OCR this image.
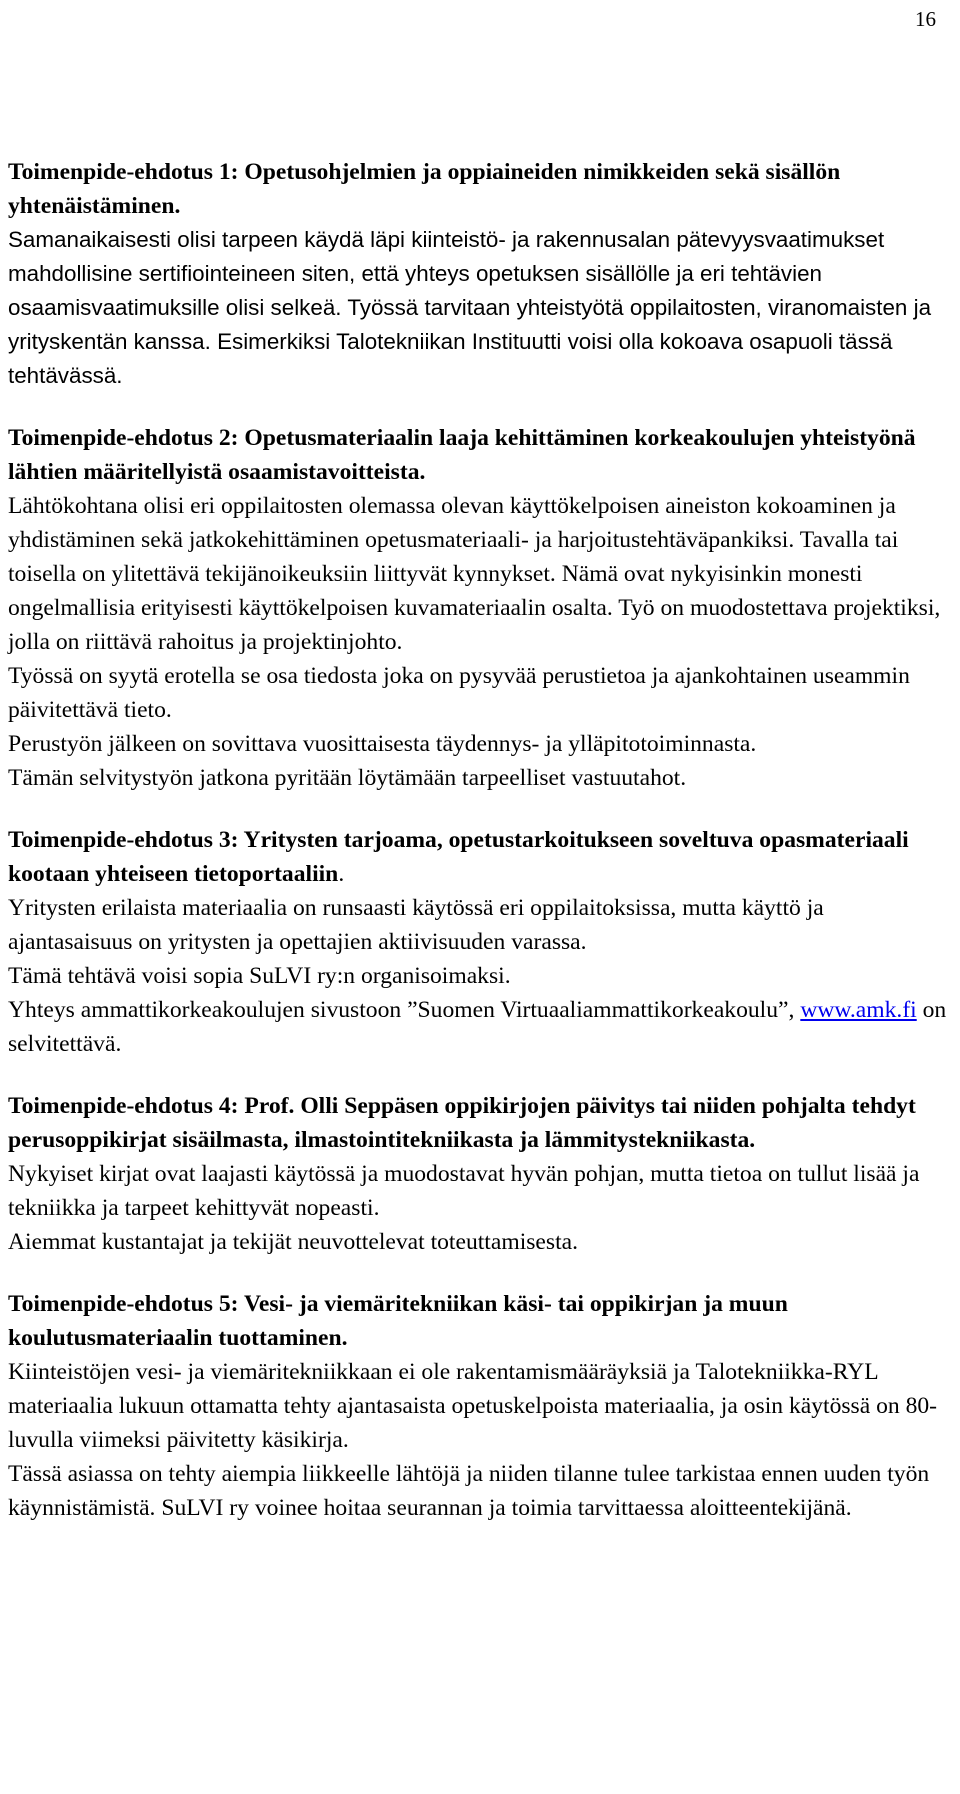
16
Toimenpide-ehdotus 1: Opetusohjelmien ja oppiaineiden nimikkeiden sekä sisällön yhtenäistäminen.

Samanaikaisesti olisi tarpeen käydä läpi kiinteistö- ja rakennusalan pätevyysvaatimukset mahdollisine sertifiointeineen siten, että yhteys opetuksen sisällölle ja eri tehtävien osaamisvaatimuksille olisi selkeä. Työssä tarvitaan yhteistyötä oppilaitosten, viranomaisten ja yrityskentän kanssa. Esimerkiksi Talotekniikan Instituutti voisi olla kokoava osapuoli tässä tehtävässä.

Toimenpide-ehdotus 2: Opetusmateriaalin laaja kehittäminen korkeakoulujen yhteistyönä lähtien määritellyistä osaamistavoitteista.

Lähtökohtana olisi eri oppilaitosten olemassa olevan käyttökelpoisen aineiston kokoaminen ja yhdistäminen sekä jatkokehittäminen opetusmateriaali- ja harjoitustehtäväpankiksi. Tavalla tai toisella on ylitettävä tekijänoikeuksiin liittyvät kynnykset. Nämä ovat nykyisinkin monesti ongelmallisia erityisesti käyttökelpoisen kuvamateriaalin osalta. Työ on muodostettava projektiksi, jolla on riittävä rahoitus ja projektinjohto.

Työssä on syytä erotella se osa tiedosta joka on pysyvää perustietoa ja ajankohtainen useammin päivitettävä tieto.

Perustyön jälkeen on sovittava vuosittaisesta täydennys- ja ylläpitotoiminnasta.

Tämän selvitystyön jatkona pyritään löytämään tarpeelliset vastuutahot.

Toimenpide-ehdotus 3: Yritysten tarjoama, opetustarkoitukseen soveltuva opasmateriaali kootaan yhteiseen tietoportaaliin.

Yritysten erilaista materiaalia on runsaasti käytössä eri oppilaitoksissa, mutta käyttö ja ajantasaisuus on yritysten ja opettajien aktiivisuuden varassa.

Tämä tehtävä voisi sopia SuLVI ry:n organisoimaksi.

Yhteys ammattikorkeakoulujen sivustoon ”Suomen Virtuaaliammattikorkeakoulu”, www.amk.fi on selvitettävä.

Toimenpide-ehdotus 4: Prof. Olli Seppäsen oppikirjojen päivitys tai niiden pohjalta tehdyt perusoppikirjat sisäilmasta, ilmastointitekniikasta ja lämmitystekniikasta.

Nykyiset kirjat ovat laajasti käytössä ja muodostavat hyvän pohjan, mutta tietoa on tullut lisää ja tekniikka ja tarpeet kehittyvät nopeasti.

Aiemmat kustantajat ja tekijät neuvottelevat toteuttamisesta.

Toimenpide-ehdotus 5: Vesi- ja viemäritekniikan käsi- tai oppikirjan ja muun koulutusmateriaalin tuottaminen.

Kiinteistöjen vesi- ja viemäritekniikkaan ei ole rakentamismääräyksiä ja Talotekniikka-RYL materiaalia lukuun ottamatta tehty ajantasaista opetuskelpoista materiaalia, ja osin käytössä on 80-luvulla viimeksi päivitetty käsikirja.

Tässä asiassa on tehty aiempia liikkeelle lähtöjä ja niiden tilanne tulee tarkistaa ennen uuden työn käynnistämistä. SuLVI ry voinee hoitaa seurannan ja toimia tarvittaessa aloitteentekijänä.
